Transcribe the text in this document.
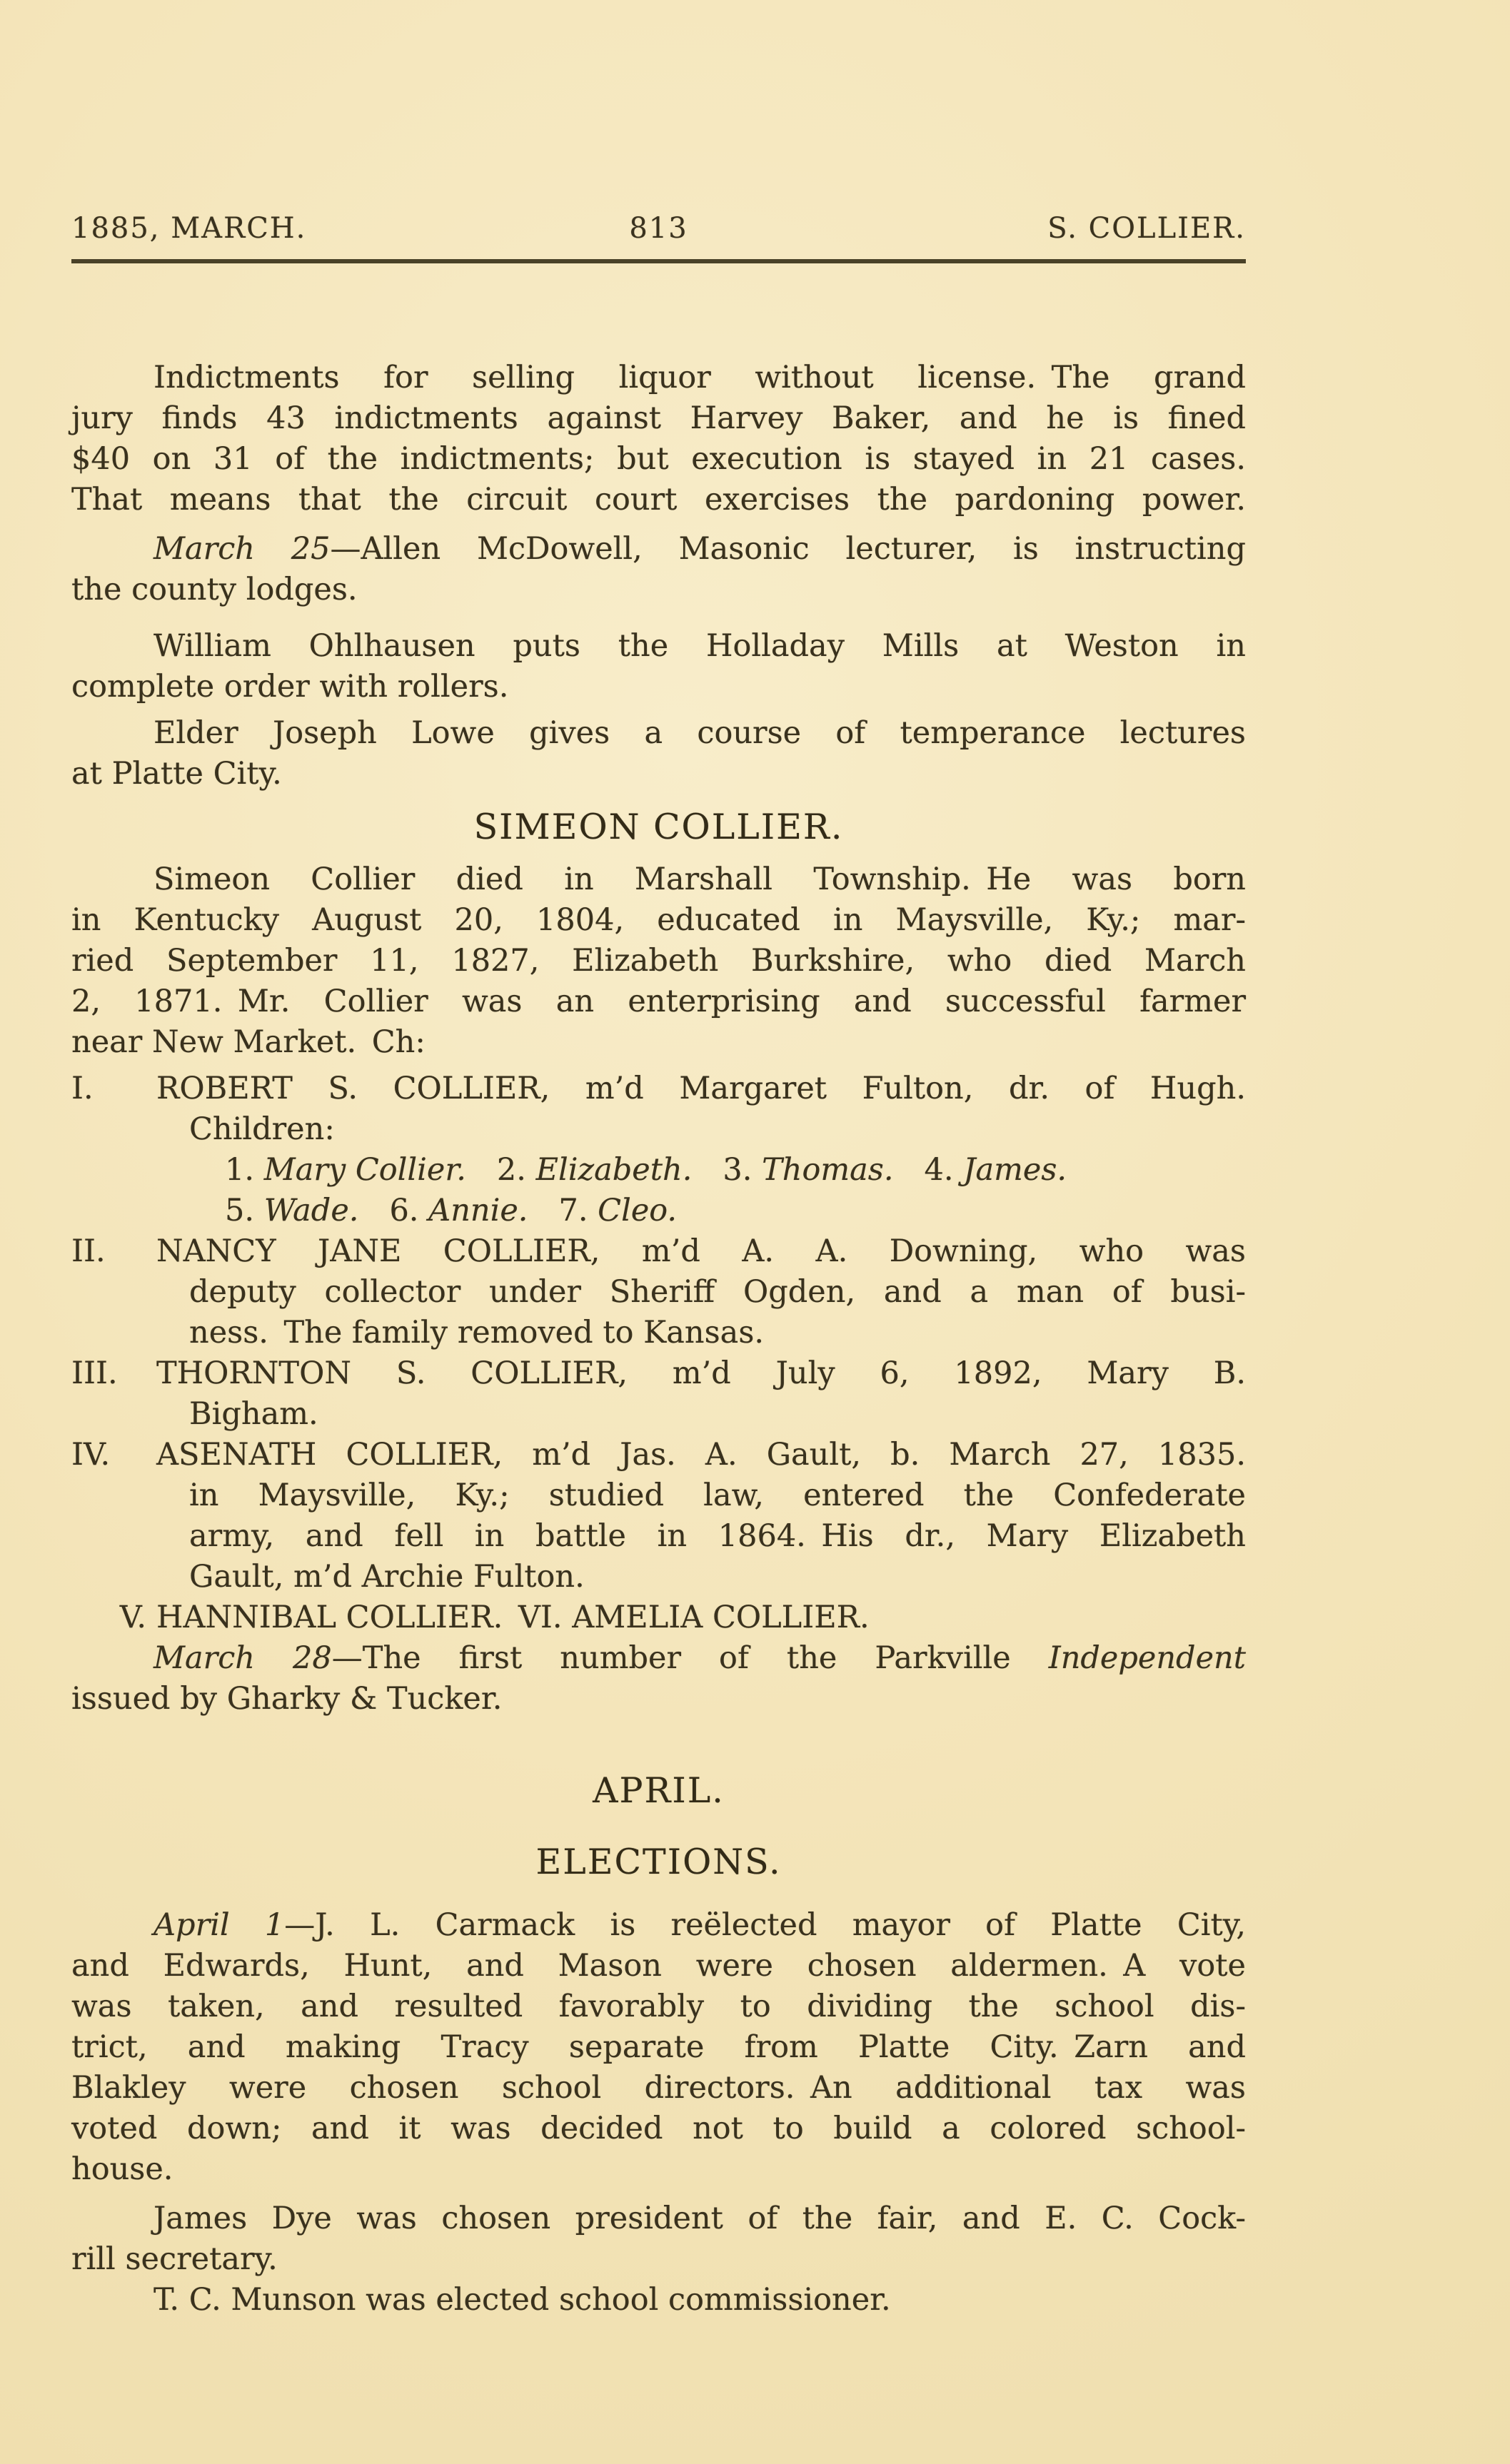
1885, MARCH.	813	S. COLLIER.
Indictments for selling liquor without license. The grand
jury finds 43 indictments against Harvey Baker, and he is fined
$40 on 31 of the indictments; but execution is stayed in 21 cases.
That means that the circuit court exercises the pardoning power.
March 25—Allen McDowell, Masonic lecturer, is instructing
the county lodges.
William Ohlhausen puts the Holladay Mills at Weston in
complete order with rollers.
Elder Joseph Lowe gives a course of temperance lectures
at Platte City.
SIMEON COLLIER.
Simeon Collier died in Marshall Township. He was born
in Kentucky August 20, 1804, educated in Maysville, Ky.; mar-
ried September 11, 1827, Elizabeth Burkshire, who died March
2, 1871. Mr. Collier was an enterprising and successful farmer
near New Market. Ch:
I. ROBERT S. COLLIER, m’d Margaret Fulton, dr. of Hugh.
Children:
1. Mary Collier. 2. Elizabeth. 3. Thomas. 4. James.
5. Wade. 6. Annie. 7. Cleo.
II. NANCY JANE COLLIER, m’d A. A. Downing, who was
deputy collector under Sheriff Ogden, and a man of busi-
ness. The family removed to Kansas.
III. THORNTON S. COLLIER, m’d July 6, 1892, Mary B.
Bigham.
IV. ASENATH COLLIER, m’d Jas. A. Gault, b. March 27, 1835.
in Maysville, Ky.; studied law, entered the Confederate
army, and fell in battle in 1864. His dr., Mary Elizabeth
Gault, m’d Archie Fulton.
V. HANNIBAL COLLIER. VI. AMELIA COLLIER.
March 28—The first number of the Parkville Independent
issued by Gharky & Tucker.
APRIL.
ELECTIONS.
April 1—J. L. Carmack is reëlected mayor of Platte City,
and Edwards, Hunt, and Mason were chosen aldermen. A vote
was taken, and resulted favorably to dividing the school dis-
trict, and making Tracy separate from Platte City. Zarn and
Blakley were chosen school directors. An additional tax was
voted down; and it was decided not to build a colored school-
house.
James Dye was chosen president of the fair, and E. C. Cock-
rill secretary.
T. C. Munson was elected school commissioner.
